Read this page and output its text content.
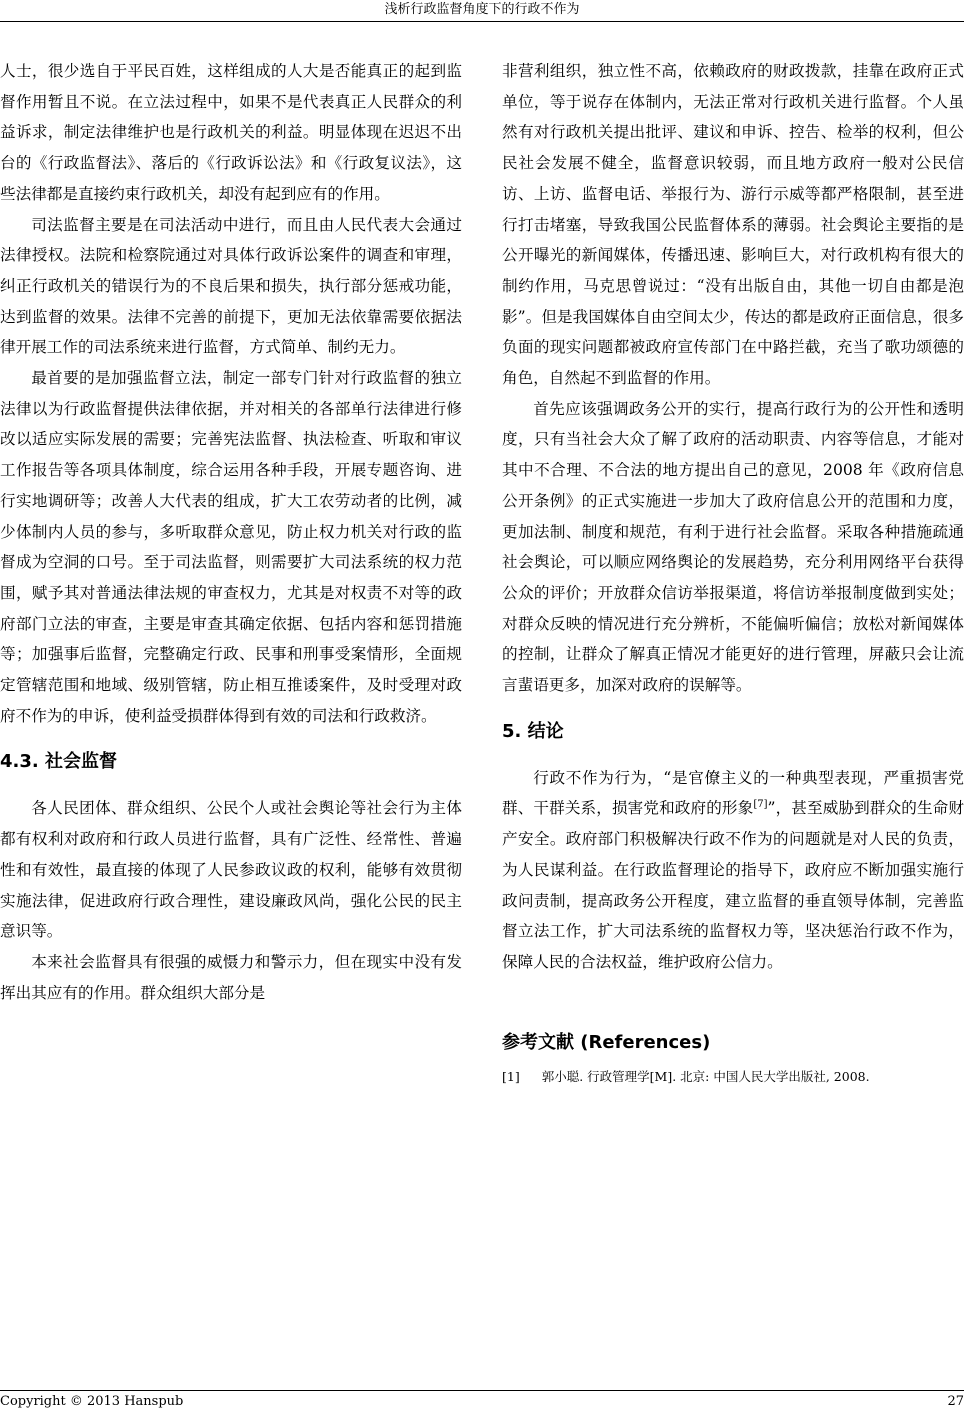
浅析行政监督角度下的行政不作为

人士，很少选自于平民百姓，这样组成的人大是否能真正的起到监督作用暂且不说。在立法过程中，如果不是代表真正人民群众的利益诉求，制定法律维护也是行政机关的利益。明显体现在迟迟不出台的《行政监督法》、落后的《行政诉讼法》和《行政复议法》，这些法律都是直接约束行政机关，却没有起到应有的作用。

司法监督主要是在司法活动中进行，而且由人民代表大会通过法律授权。法院和检察院通过对具体行政诉讼案件的调查和审理，纠正行政机关的错误行为的不良后果和损失，执行部分惩戒功能，达到监督的效果。法律不完善的前提下，更加无法依靠需要依据法律开展工作的司法系统来进行监督，方式简单、制约无力。

最首要的是加强监督立法，制定一部专门针对行政监督的独立法律以为行政监督提供法律依据，并对相关的各部单行法律进行修改以适应实际发展的需要；完善宪法监督、执法检查、听取和审议工作报告等各项具体制度，综合运用各种手段，开展专题咨询、进行实地调研等；改善人大代表的组成，扩大工农劳动者的比例，减少体制内人员的参与，多听取群众意见，防止权力机关对行政的监督成为空洞的口号。至于司法监督，则需要扩大司法系统的权力范围，赋予其对普通法律法规的审查权力，尤其是对权责不对等的政府部门立法的审查，主要是审查其确定依据、包括内容和惩罚措施等；加强事后监督，完整确定行政、民事和刑事受案情形，全面规定管辖范围和地域、级别管辖，防止相互推诿案件，及时受理对政府不作为的申诉，使利益受损群体得到有效的司法和行政救济。

4.3. 社会监督

各人民团体、群众组织、公民个人或社会舆论等社会行为主体都有权利对政府和行政人员进行监督，具有广泛性、经常性、普遍性和有效性，最直接的体现了人民参政议政的权利，能够有效贯彻实施法律，促进政府行政合理性，建设廉政风尚，强化公民的民主意识等。

本来社会监督具有很强的威慑力和警示力，但在现实中没有发挥出其应有的作用。群众组织大部分是

非营利组织，独立性不高，依赖政府的财政拨款，挂靠在政府正式单位，等于说存在体制内，无法正常对行政机关进行监督。个人虽然有对行政机关提出批评、建议和申诉、控告、检举的权利，但公民社会发展不健全，监督意识较弱，而且地方政府一般对公民信访、上访、监督电话、举报行为、游行示威等都严格限制，甚至进行打击堵塞，导致我国公民监督体系的薄弱。社会舆论主要指的是公开曝光的新闻媒体，传播迅速、影响巨大，对行政机构有很大的制约作用，马克思曾说过：“没有出版自由，其他一切自由都是泡影”。但是我国媒体自由空间太少，传达的都是政府正面信息，很多负面的现实问题都被政府宣传部门在中路拦截，充当了歌功颂德的角色，自然起不到监督的作用。

首先应该强调政务公开的实行，提高行政行为的公开性和透明度，只有当社会大众了解了政府的活动职责、内容等信息，才能对其中不合理、不合法的地方提出自己的意见，2008 年《政府信息公开条例》的正式实施进一步加大了政府信息公开的范围和力度，更加法制、制度和规范，有利于进行社会监督。采取各种措施疏通社会舆论，可以顺应网络舆论的发展趋势，充分利用网络平台获得公众的评价；开放群众信访举报渠道，将信访举报制度做到实处；对群众反映的情况进行充分辨析，不能偏听偏信；放松对新闻媒体的控制，让群众了解真正情况才能更好的进行管理，屏蔽只会让流言蜚语更多，加深对政府的误解等。

5. 结论

行政不作为行为，“是官僚主义的一种典型表现，严重损害党群、干群关系，损害党和政府的形象[7]”，甚至威胁到群众的生命财产安全。政府部门积极解决行政不作为的问题就是对人民的负责，为人民谋利益。在行政监督理论的指导下，政府应不断加强实施行政问责制，提高政务公开程度，建立监督的垂直领导体制，完善监督立法工作，扩大司法系统的监督权力等，坚决惩治行政不作为，保障人民的合法权益，维护政府公信力。

参考文献 (References)
[1] 郭小聪. 行政管理学[M]. 北京: 中国人民大学出版社, 2008.
Copyright © 2013 Hanspub	27
